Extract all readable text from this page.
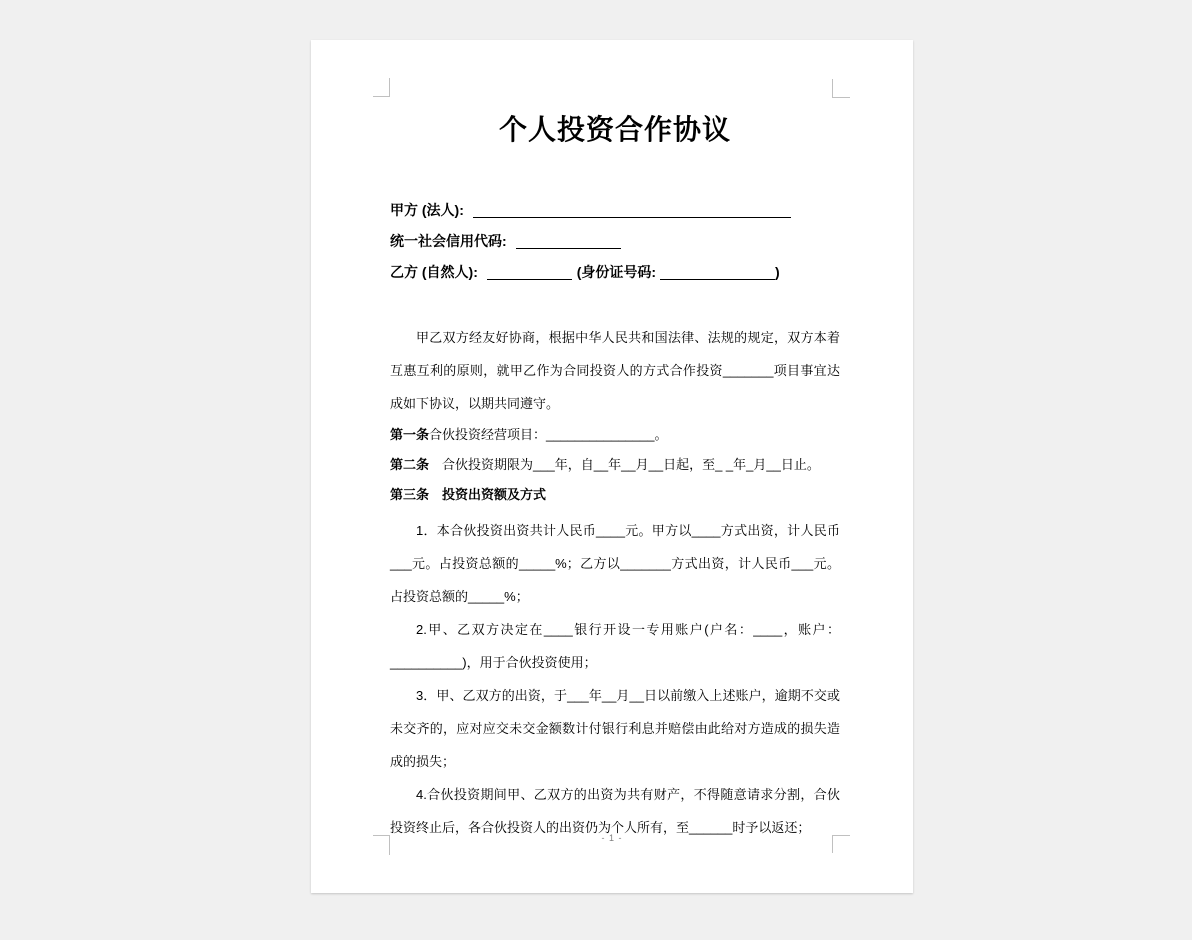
个人投资合作协议
甲方 (法人):
统一社会信用代码:
乙方 (自然人):	(身份证号码:	)

甲乙双方经友好协商，根据中华人民共和国法律、法规的规定，双方本着互惠互利的原则，就甲乙作为合同投资人的方式合作投资_______项目事宜达成如下协议，以期共同遵守。

第一条合伙投资经营项目：_______________。

第二条　合伙投资期限为___年，自__年__月__日起，至_ _年_月__日止。

第三条　投资出资额及方式

1．本合伙投资出资共计人民币____元。甲方以____方式出资，计人民币___元。占投资总额的_____%；乙方以_______方式出资，计人民币___元。占投资总额的_____%；

2.甲、乙双方决定在____银行开设一专用账户(户名：____，账户：__________)，用于合伙投资使用；

3．甲、乙双方的出资，于___年__月__日以前缴入上述账户，逾期不交或未交齐的，应对应交未交金额数计付银行利息并赔偿由此给对方造成的损失造成的损失；

4.合伙投资期间甲、乙双方的出资为共有财产，不得随意请求分割，合伙投资终止后，各合伙投资人的出资仍为个人所有，至______时予以返还；

- 1 -
